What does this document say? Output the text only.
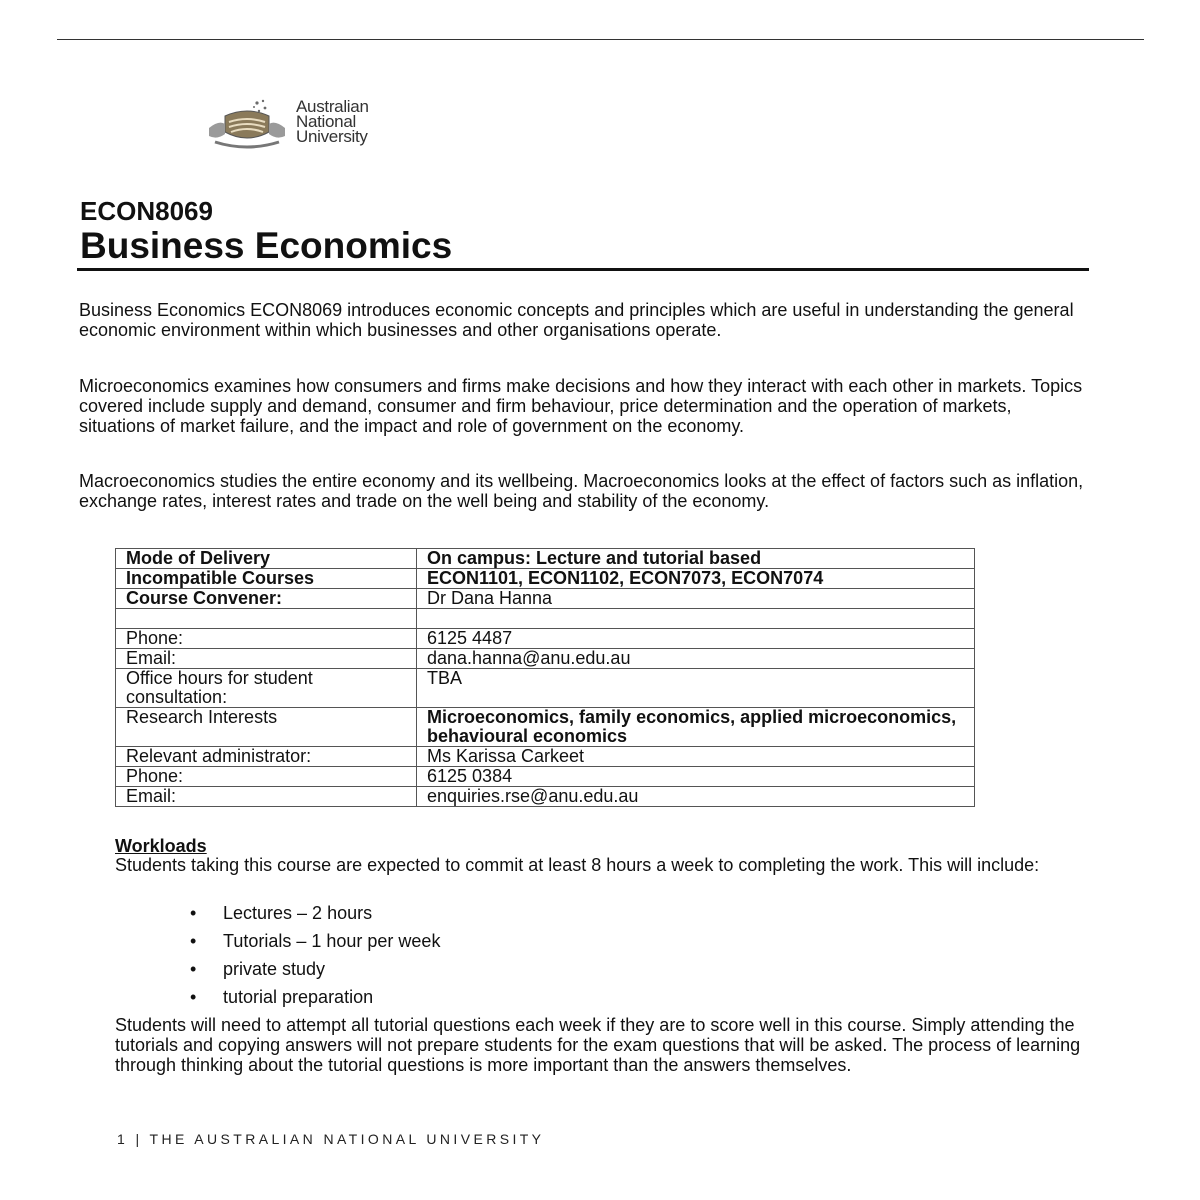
Australian
National
University
ECON8069
Business Economics

Business Economics ECON8069 introduces economic concepts and principles which are useful in understanding the general economic environment within which businesses and other organisations operate.

Microeconomics examines how consumers and firms make decisions and how they interact with each other in markets. Topics covered include supply and demand, consumer and firm behaviour, price determination and the operation of markets, situations of market failure, and the impact and role of government on the economy.

Macroeconomics studies the entire economy and its wellbeing. Macroeconomics looks at the effect of factors such as inflation, exchange rates, interest rates and trade on the well being and stability of the economy.

Mode of Delivery	On campus: Lecture and tutorial based
Incompatible Courses	ECON1101, ECON1102, ECON7073, ECON7074
Course Convener:	Dr Dana Hanna

Phone:	6125 4487
Email:	dana.hanna@anu.edu.au
Office hours for student consultation:	TBA
Research Interests	Microeconomics, family economics, applied microeconomics, behavioural economics
Relevant administrator:	Ms Karissa Carkeet
Phone:	6125 0384
Email:	enquiries.rse@anu.edu.au
Workloads

Students taking this course are expected to commit at least 8 hours a week to completing the work. This will include:

• Lectures – 2 hours
• Tutorials – 1 hour per week
• private study
• tutorial preparation

Students will need to attempt all tutorial questions each week if they are to score well in this course. Simply attending the tutorials and copying answers will not prepare students for the exam questions that will be asked. The process of learning through thinking about the tutorial questions is more important than the answers themselves.

1 | THE AUSTRALIAN NATIONAL UNIVERSITY
